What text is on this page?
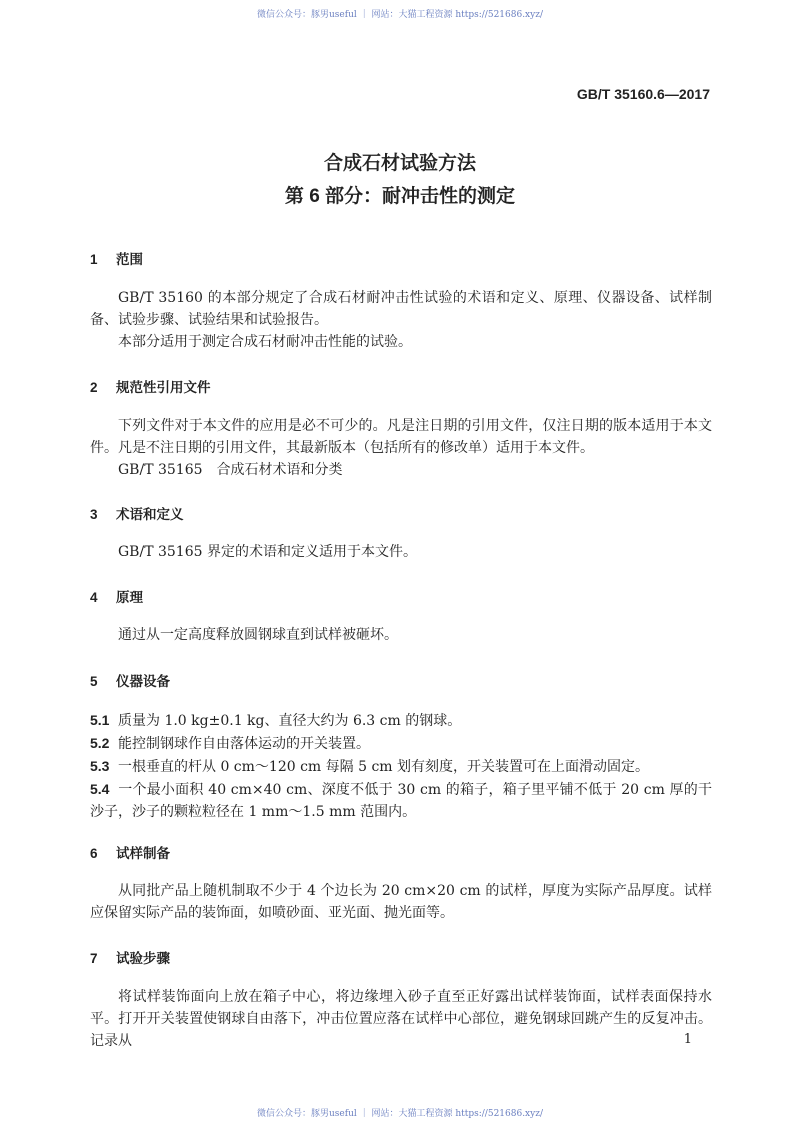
微信公众号：豚男useful ｜ 网站：大猫工程资源 https://521686.xyz/
GB/T 35160.6—2017
合成石材试验方法
第 6 部分：耐冲击性的测定
1 范围
GB/T 35160 的本部分规定了合成石材耐冲击性试验的术语和定义、原理、仪器设备、试样制备、试验步骤、试验结果和试验报告。
本部分适用于测定合成石材耐冲击性能的试验。
2 规范性引用文件
下列文件对于本文件的应用是必不可少的。凡是注日期的引用文件，仅注日期的版本适用于本文件。凡是不注日期的引用文件，其最新版本（包括所有的修改单）适用于本文件。
GB/T 35165　合成石材术语和分类
3 术语和定义
GB/T 35165 界定的术语和定义适用于本文件。
4 原理
通过从一定高度释放圆钢球直到试样被砸坏。
5 仪器设备
5.1 质量为 1.0 kg±0.1 kg、直径大约为 6.3 cm 的钢球。
5.2 能控制钢球作自由落体运动的开关装置。
5.3 一根垂直的杆从 0 cm～120 cm 每隔 5 cm 划有刻度，开关装置可在上面滑动固定。
5.4 一个最小面积 40 cm×40 cm、深度不低于 30 cm 的箱子，箱子里平铺不低于 20 cm 厚的干沙子，沙子的颗粒粒径在 1 mm～1.5 mm 范围内。
6 试样制备
从同批产品上随机制取不少于 4 个边长为 20 cm×20 cm 的试样，厚度为实际产品厚度。试样应保留实际产品的装饰面，如喷砂面、亚光面、抛光面等。
7 试验步骤
将试样装饰面向上放在箱子中心，将边缘埋入砂子直至正好露出试样装饰面，试样表面保持水平。打开开关装置使钢球自由落下，冲击位置应落在试样中心部位，避免钢球回跳产生的反复冲击。记录从	1
微信公众号：豚男useful ｜ 网站：大猫工程资源 https://521686.xyz/
